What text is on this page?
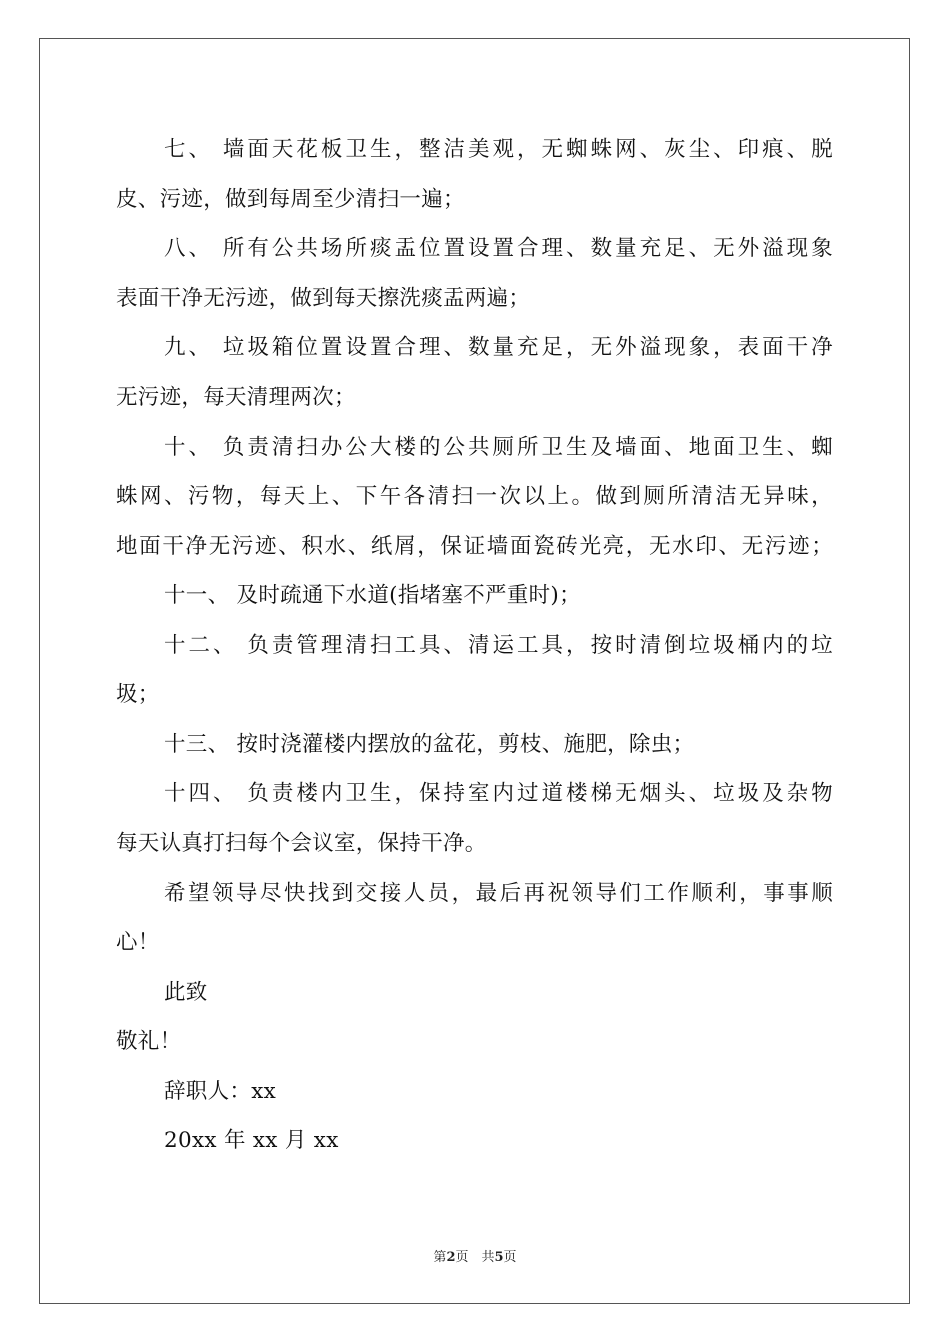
七、 墙面天花板卫生，整洁美观，无蜘蛛网、灰尘、印痕、脱
皮、污迹，做到每周至少清扫一遍；
八、 所有公共场所痰盂位置设置合理、数量充足、无外溢现象
表面干净无污迹，做到每天擦洗痰盂两遍；
九、 垃圾箱位置设置合理、数量充足，无外溢现象，表面干净
无污迹，每天清理两次；
十、 负责清扫办公大楼的公共厕所卫生及墙面、地面卫生、蜘
蛛网、污物，每天上、下午各清扫一次以上。做到厕所清洁无异味，
地面干净无污迹、积水、纸屑，保证墙面瓷砖光亮，无水印、无污迹；
十一、 及时疏通下水道(指堵塞不严重时)；
十二、 负责管理清扫工具、清运工具，按时清倒垃圾桶内的垃
圾；
十三、 按时浇灌楼内摆放的盆花，剪枝、施肥，除虫；
十四、 负责楼内卫生，保持室内过道楼梯无烟头、垃圾及杂物
每天认真打扫每个会议室，保持干净。
希望领导尽快找到交接人员，最后再祝领导们工作顺利，事事顺
心！
此致
敬礼！
辞职人：xx
20xx 年 xx 月 xx
第2页　共5页
